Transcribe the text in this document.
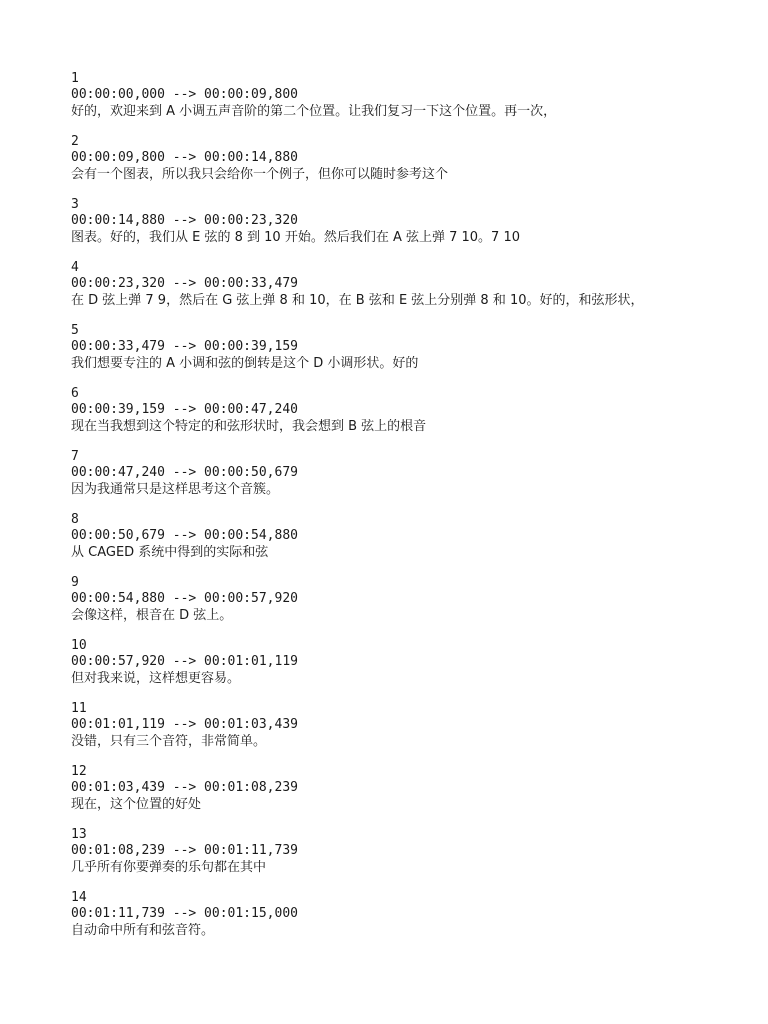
1
00:00:00,000 --> 00:00:09,800
好的，欢迎来到 A 小调五声音阶的第二个位置。让我们复习一下这个位置。再一次，
2
00:00:09,800 --> 00:00:14,880
会有一个图表，所以我只会给你一个例子，但你可以随时参考这个
3
00:00:14,880 --> 00:00:23,320
图表。好的，我们从 E 弦的 8 到 10 开始。然后我们在 A 弦上弹 7 10。7 10
4
00:00:23,320 --> 00:00:33,479
在 D 弦上弹 7 9，然后在 G 弦上弹 8 和 10，在 B 弦和 E 弦上分别弹 8 和 10。好的，和弦形状，
5
00:00:33,479 --> 00:00:39,159
我们想要专注的 A 小调和弦的倒转是这个 D 小调形状。好的
6
00:00:39,159 --> 00:00:47,240
现在当我想到这个特定的和弦形状时，我会想到 B 弦上的根音
7
00:00:47,240 --> 00:00:50,679
因为我通常只是这样思考这个音簇。
8
00:00:50,679 --> 00:00:54,880
从 CAGED 系统中得到的实际和弦
9
00:00:54,880 --> 00:00:57,920
会像这样，根音在 D 弦上。
10
00:00:57,920 --> 00:01:01,119
但对我来说，这样想更容易。
11
00:01:01,119 --> 00:01:03,439
没错，只有三个音符，非常简单。
12
00:01:03,439 --> 00:01:08,239
现在，这个位置的好处
13
00:01:08,239 --> 00:01:11,739
几乎所有你要弹奏的乐句都在其中
14
00:01:11,739 --> 00:01:15,000
自动命中所有和弦音符。
